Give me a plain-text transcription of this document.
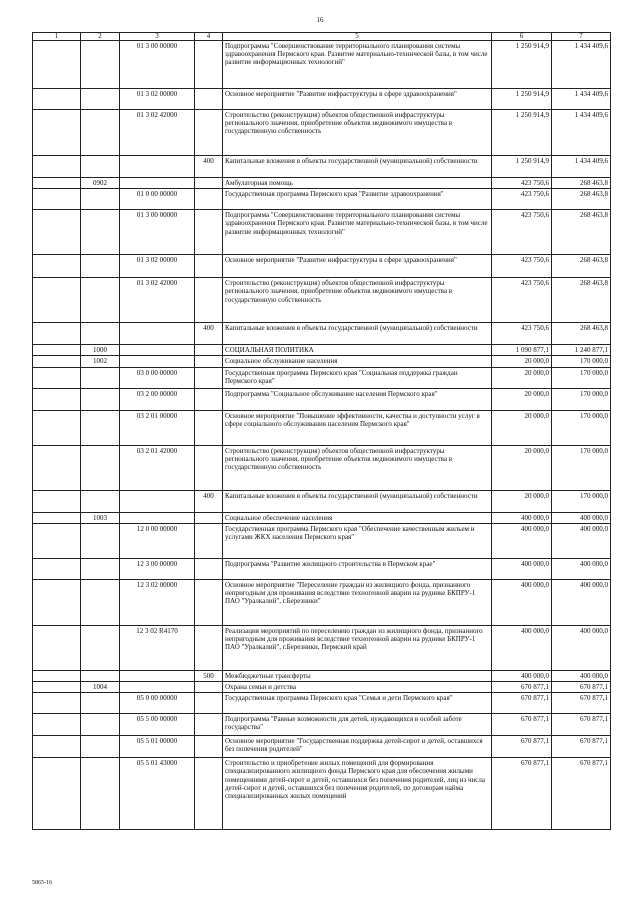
16
1	2	3	4	5	6	7
		01 3 00 00000		Подпрограмма "Совершенствование территориального планирования системы здравоохранения Пермского края. Развитие материально-технической базы, в том числе развитие информационных технологий"	1 250 914,9	1 434 409,6
		01 3 02 00000		Основное мероприятие "Развитие инфраструктуры в сфере здравоохранения"	1 250 914,9	1 434 409,6
		01 3 02 42000		Строительство (реконструкция) объектов общественной инфраструктуры регионального значения, приобретение объектов недвижимого имущества в государственную собственность	1 250 914,9	1 434 409,6
			400	Капитальные вложения в объекты государственной (муниципальной) собственности	1 250 914,9	1 434 409,6
	0902			Амбулаторная помощь	423 750,6	268 463,8
		01 0 00 00000		Государственная программа Пермского края "Развитие здравоохранения"	423 750,6	268 463,8
		01 3 00 00000		Подпрограмма "Совершенствование территориального планирования системы здравоохранения Пермского края. Развитие материально-технической базы, в том числе развитие информационных технологий"	423 750,6	268 463,8
		01 3 02 00000		Основное мероприятие "Развитие инфраструктуры в сфере здравоохранения"	423 750,6	268 463,8
		01 3 02 42000		Строительство (реконструкция) объектов общественной инфраструктуры регионального значения, приобретение объектов недвижимого имущества в государственную собственность	423 750,6	268 463,8
			400	Капитальные вложения в объекты государственной (муниципальной) собственности	423 750,6	268 463,8
	1000			СОЦИАЛЬНАЯ ПОЛИТИКА	1 090 877,1	1 240 877,1
	1002			Социальное обслуживание населения	20 000,0	170 000,0
		03 0 00 00000		Государственная программа Пермского края "Социальная поддержка граждан Пермского края"	20 000,0	170 000,0
		03 2 00 00000		Подпрограмма "Социальное обслуживание населения Пермского края"	20 000,0	170 000,0
		03 2 01 00000		Основное мероприятие "Повышение эффективности, качества и доступности услуг в сфере социального обслуживания населения Пермского края"	20 000,0	170 000,0
		03 2 01 42000		Строительство (реконструкция) объектов общественной инфраструктуры регионального значения, приобретение объектов недвижимого имущества в государственную собственность	20 000,0	170 000,0
			400	Капитальные вложения в объекты государственной (муниципальной) собственности	20 000,0	170 000,0
	1003			Социальное обеспечение населения	400 000,0	400 000,0
		12 0 00 00000		Государственная программа Пермского края "Обеспечение качественным жильем и услугами ЖКХ населения Пермского края"	400 000,0	400 000,0
		12 3 00 00000		Подпрограмма "Развитие жилищного строительства в Пермском крае"	400 000,0	400 000,0
		12 3 02 00000		Основное мероприятие "Переселение граждан из жилищного фонда, признанного непригодным для проживания вследствие техногенной аварии на руднике БКПРУ-1 ПАО "Уралкалий", г.Березники"	400 000,0	400 000,0
		12 3 02 R4170		Реализация мероприятий по переселению граждан из жилищного фонда, признанного непригодным для проживания вследствие техногенной аварии на руднике БКПРУ-1 ПАО "Уралкалий", г.Березники, Пермский край	400 000,0	400 000,0
			500	Межбюджетные трансферты	400 000,0	400 000,0
	1004			Охрана семьи и детства	670 877,1	670 877,1
		05 0 00 00000		Государственная программа Пермского края "Семья и дети Пермского края"	670 877,1	670 877,1
		05 5 00 00000		Подпрограмма "Равные возможности для детей, нуждающихся в особой заботе государства"	670 877,1	670 877,1
		05 5 01 00000		Основное мероприятие "Государственная поддержка детей-сирот и детей, оставшихся без попечения родителей"	670 877,1	670 877,1
		05 5 01 43000		Строительство и приобретение жилых помещений для формирования специализированного жилищного фонда Пермского края для обеспечения жилыми помещениями детей-сирот и детей, оставшихся без попечения родителей, лиц из числа детей-сирот и детей, оставшихся без попечения родителей, по договорам найма специализированных жилых помещений	670 877,1	670 877,1
5865-16
